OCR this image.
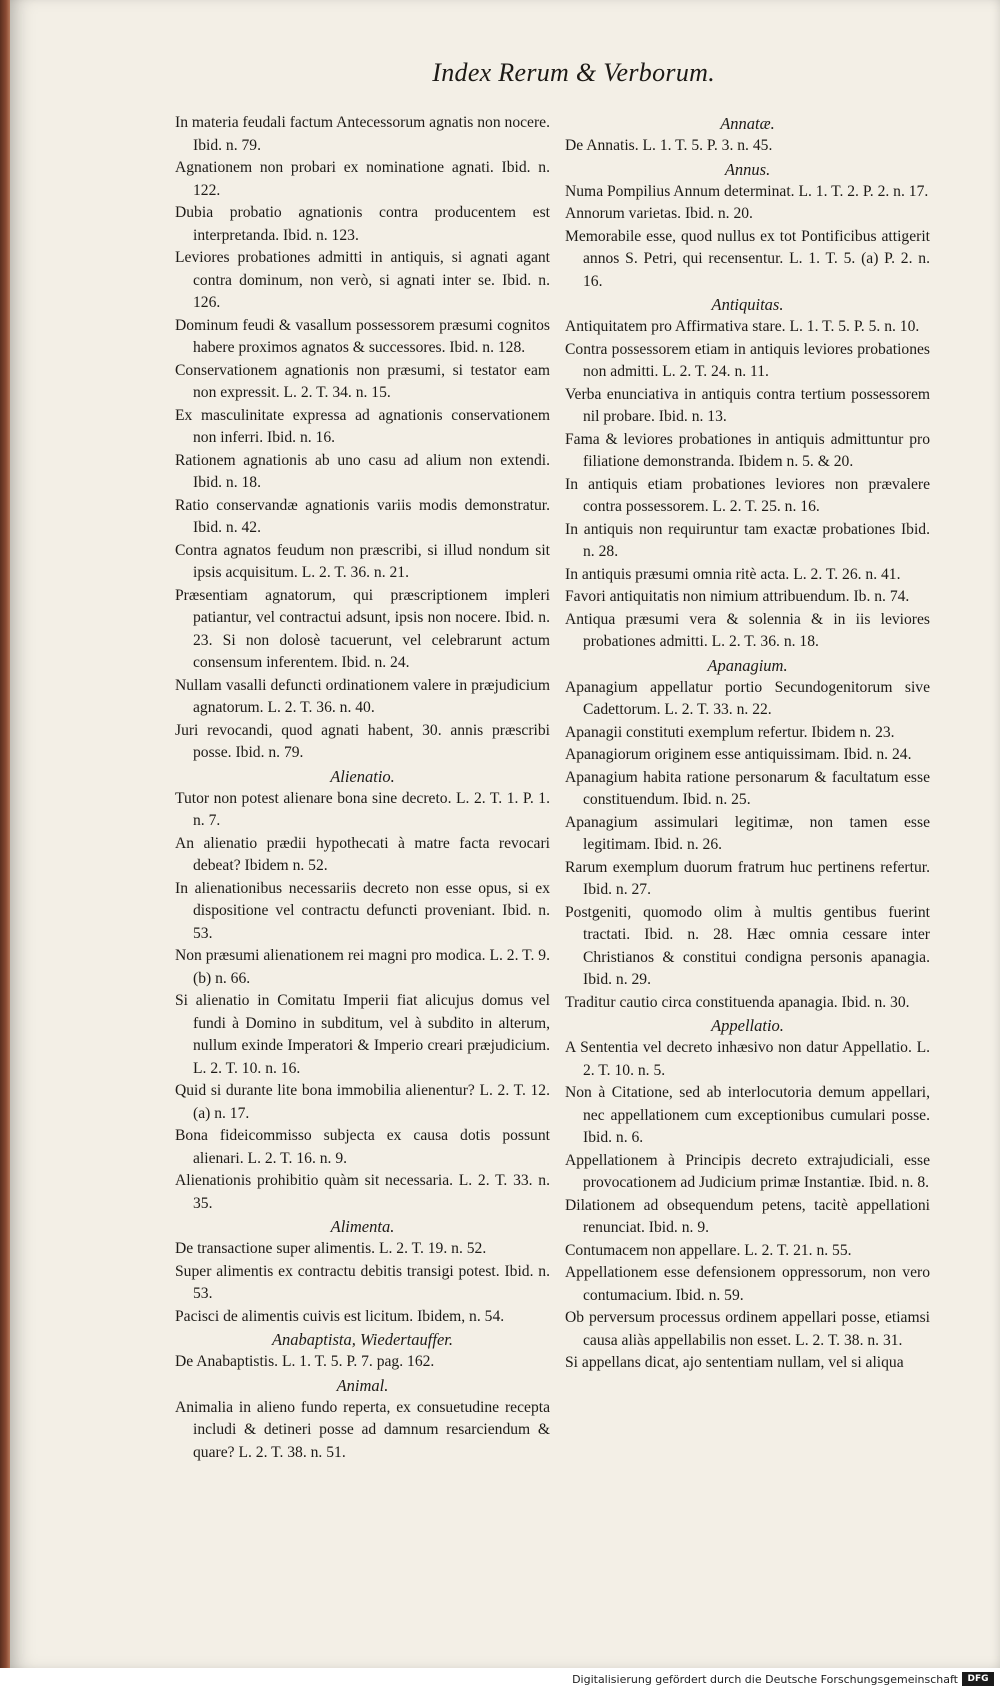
Index Rerum & Verborum.

In materia feudali factum Antecessorum agnatis non nocere. Ibid. n. 79.

Agnationem non probari ex nominatione agnati. Ibid. n. 122.

Dubia probatio agnationis contra producentem est interpretanda. Ibid. n. 123.

Leviores probationes admitti in antiquis, si agnati agant contra dominum, non verò, si agnati inter se. Ibid. n. 126.

Dominum feudi & vasallum possessorem præsumi cognitos habere proximos agnatos & successores. Ibid. n. 128.

Conservationem agnationis non præsumi, si testator eam non expressit. L. 2. T. 34. n. 15.

Ex masculinitate expressa ad agnationis conservationem non inferri. Ibid. n. 16.

Rationem agnationis ab uno casu ad alium non extendi. Ibid. n. 18.

Ratio conservandæ agnationis variis modis demonstratur. Ibid. n. 42.

Contra agnatos feudum non præscribi, si illud nondum sit ipsis acquisitum. L. 2. T. 36. n. 21.

Præsentiam agnatorum, qui præscriptionem impleri patiantur, vel contractui adsunt, ipsis non nocere. Ibid. n. 23. Si non dolosè tacuerunt, vel celebrarunt actum consensum inferentem. Ibid. n. 24.

Nullam vasalli defuncti ordinationem valere in præjudicium agnatorum. L. 2. T. 36. n. 40.

Juri revocandi, quod agnati habent, 30. annis præscribi posse. Ibid. n. 79.

Alienatio.

Tutor non potest alienare bona sine decreto. L. 2. T. 1. P. 1. n. 7.

An alienatio prædii hypothecati à matre facta revocari debeat? Ibidem n. 52.

In alienationibus necessariis decreto non esse opus, si ex dispositione vel contractu defuncti proveniant. Ibid. n. 53.

Non præsumi alienationem rei magni pro modica. L. 2. T. 9. (b) n. 66.

Si alienatio in Comitatu Imperii fiat alicujus domus vel fundi à Domino in subditum, vel à subdito in alterum, nullum exinde Imperatori & Imperio creari præjudicium. L. 2. T. 10. n. 16.

Quid si durante lite bona immobilia alienentur? L. 2. T. 12. (a) n. 17.

Bona fideicommisso subjecta ex causa dotis possunt alienari. L. 2. T. 16. n. 9.

Alienationis prohibitio quàm sit necessaria. L. 2. T. 33. n. 35.

Alimenta.

De transactione super alimentis. L. 2. T. 19. n. 52.

Super alimentis ex contractu debitis transigi potest. Ibid. n. 53.

Pacisci de alimentis cuivis est licitum. Ibidem, n. 54.

Anabaptista, Wiedertauffer.

De Anabaptistis. L. 1. T. 5. P. 7. pag. 162.

Animal.

Animalia in alieno fundo reperta, ex consuetudine recepta includi & detineri posse ad damnum resarciendum & quare? L. 2. T. 38. n. 51.

Annatæ.

De Annatis. L. 1. T. 5. P. 3. n. 45.

Annus.

Numa Pompilius Annum determinat. L. 1. T. 2. P. 2. n. 17.

Annorum varietas. Ibid. n. 20.

Memorabile esse, quod nullus ex tot Pontificibus attigerit annos S. Petri, qui recensentur. L. 1. T. 5. (a) P. 2. n. 16.

Antiquitas.

Antiquitatem pro Affirmativa stare. L. 1. T. 5. P. 5. n. 10.

Contra possessorem etiam in antiquis leviores probationes non admitti. L. 2. T. 24. n. 11.

Verba enunciativa in antiquis contra tertium possessorem nil probare. Ibid. n. 13.

Fama & leviores probationes in antiquis admittuntur pro filiatione demonstranda. Ibidem n. 5. & 20.

In antiquis etiam probationes leviores non prævalere contra possessorem. L. 2. T. 25. n. 16.

In antiquis non requiruntur tam exactæ probationes Ibid. n. 28.

In antiquis præsumi omnia ritè acta. L. 2. T. 26. n. 41.

Favori antiquitatis non nimium attribuendum. Ib. n. 74.

Antiqua præsumi vera & solennia & in iis leviores probationes admitti. L. 2. T. 36. n. 18.

Apanagium.

Apanagium appellatur portio Secundogenitorum sive Cadettorum. L. 2. T. 33. n. 22.

Apanagii constituti exemplum refertur. Ibidem n. 23.

Apanagiorum originem esse antiquissimam. Ibid. n. 24.

Apanagium habita ratione personarum & facultatum esse constituendum. Ibid. n. 25.

Apanagium assimulari legitimæ, non tamen esse legitimam. Ibid. n. 26.

Rarum exemplum duorum fratrum huc pertinens refertur. Ibid. n. 27.

Postgeniti, quomodo olim à multis gentibus fuerint tractati. Ibid. n. 28. Hæc omnia cessare inter Christianos & constitui condigna personis apanagia. Ibid. n. 29.

Traditur cautio circa constituenda apanagia. Ibid. n. 30.

Appellatio.

A Sententia vel decreto inhæsivo non datur Appellatio. L. 2. T. 10. n. 5.

Non à Citatione, sed ab interlocutoria demum appellari, nec appellationem cum exceptionibus cumulari posse. Ibid. n. 6.

Appellationem à Principis decreto extrajudiciali, esse provocationem ad Judicium primæ Instantiæ. Ibid. n. 8.

Dilationem ad obsequendum petens, tacitè appellationi renunciat. Ibid. n. 9.

Contumacem non appellare. L. 2. T. 21. n. 55.

Appellationem esse defensionem oppressorum, non vero contumacium. Ibid. n. 59.

Ob perversum processus ordinem appellari posse, etiamsi causa aliàs appellabilis non esset. L. 2. T. 38. n. 31.

Si appellans dicat, ajo sententiam nullam, vel si aliqua

Digitalisierung gefördert durch die Deutsche Forschungsgemeinschaft	DFG
